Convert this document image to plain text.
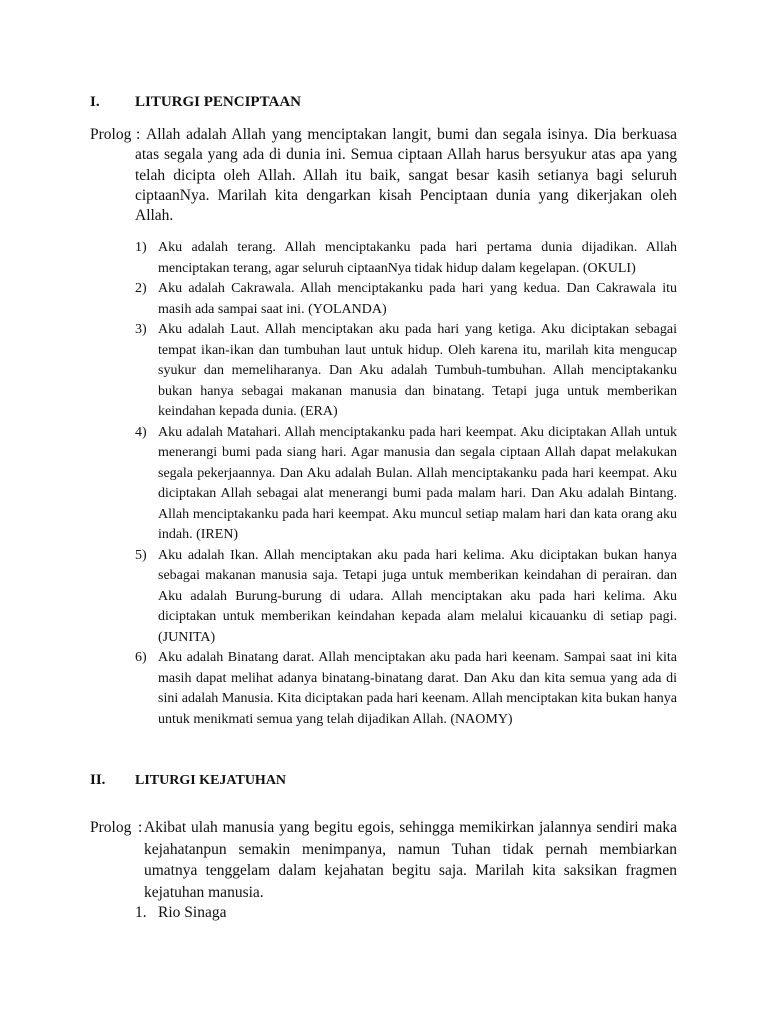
I. LITURGI PENCIPTAAN
Prolog : Allah adalah Allah yang menciptakan langit, bumi dan segala isinya. Dia berkuasa atas segala yang ada di dunia ini. Semua ciptaan Allah harus bersyukur atas apa yang telah dicipta oleh Allah. Allah itu baik, sangat besar kasih setianya bagi seluruh ciptaanNya. Marilah kita dengarkan kisah Penciptaan dunia yang dikerjakan oleh Allah.
1) Aku adalah terang. Allah menciptakanku pada hari pertama dunia dijadikan. Allah menciptakan terang, agar seluruh ciptaanNya tidak hidup dalam kegelapan. (OKULI)
2) Aku adalah Cakrawala. Allah menciptakanku pada hari yang kedua. Dan Cakrawala itu masih ada sampai saat ini. (YOLANDA)
3) Aku adalah Laut. Allah menciptakan aku pada hari yang ketiga. Aku diciptakan sebagai tempat ikan-ikan dan tumbuhan laut untuk hidup. Oleh karena itu, marilah kita mengucap syukur dan memeliharanya. Dan Aku adalah Tumbuh-tumbuhan. Allah menciptakanku bukan hanya sebagai makanan manusia dan binatang. Tetapi juga untuk memberikan keindahan kepada dunia. (ERA)
4) Aku adalah Matahari. Allah menciptakanku pada hari keempat. Aku diciptakan Allah untuk menerangi bumi pada siang hari. Agar manusia dan segala ciptaan Allah dapat melakukan segala pekerjaannya. Dan Aku adalah Bulan. Allah menciptakanku pada hari keempat. Aku diciptakan Allah sebagai alat menerangi bumi pada malam hari. Dan Aku adalah Bintang. Allah menciptakanku pada hari keempat. Aku muncul setiap malam hari dan kata orang aku indah. (IREN)
5) Aku adalah Ikan. Allah menciptakan aku pada hari kelima. Aku diciptakan bukan hanya sebagai makanan manusia saja. Tetapi juga untuk memberikan keindahan di perairan. dan Aku adalah Burung-burung di udara. Allah menciptakan aku pada hari kelima. Aku diciptakan untuk memberikan keindahan kepada alam melalui kicauanku di setiap pagi. (JUNITA)
6) Aku adalah Binatang darat. Allah menciptakan aku pada hari keenam. Sampai saat ini kita masih dapat melihat adanya binatang-binatang darat. Dan Aku dan kita semua yang ada di sini adalah Manusia. Kita diciptakan pada hari keenam. Allah menciptakan kita bukan hanya untuk menikmati semua yang telah dijadikan Allah. (NAOMY)
II. LITURGI KEJATUHAN
Prolog : Akibat ulah manusia yang begitu egois, sehingga memikirkan jalannya sendiri maka kejahatanpun semakin menimpanya, namun Tuhan tidak pernah membiarkan umatnya tenggelam dalam kejahatan begitu saja. Marilah kita saksikan fragmen kejatuhan manusia.
1. Rio Sinaga
